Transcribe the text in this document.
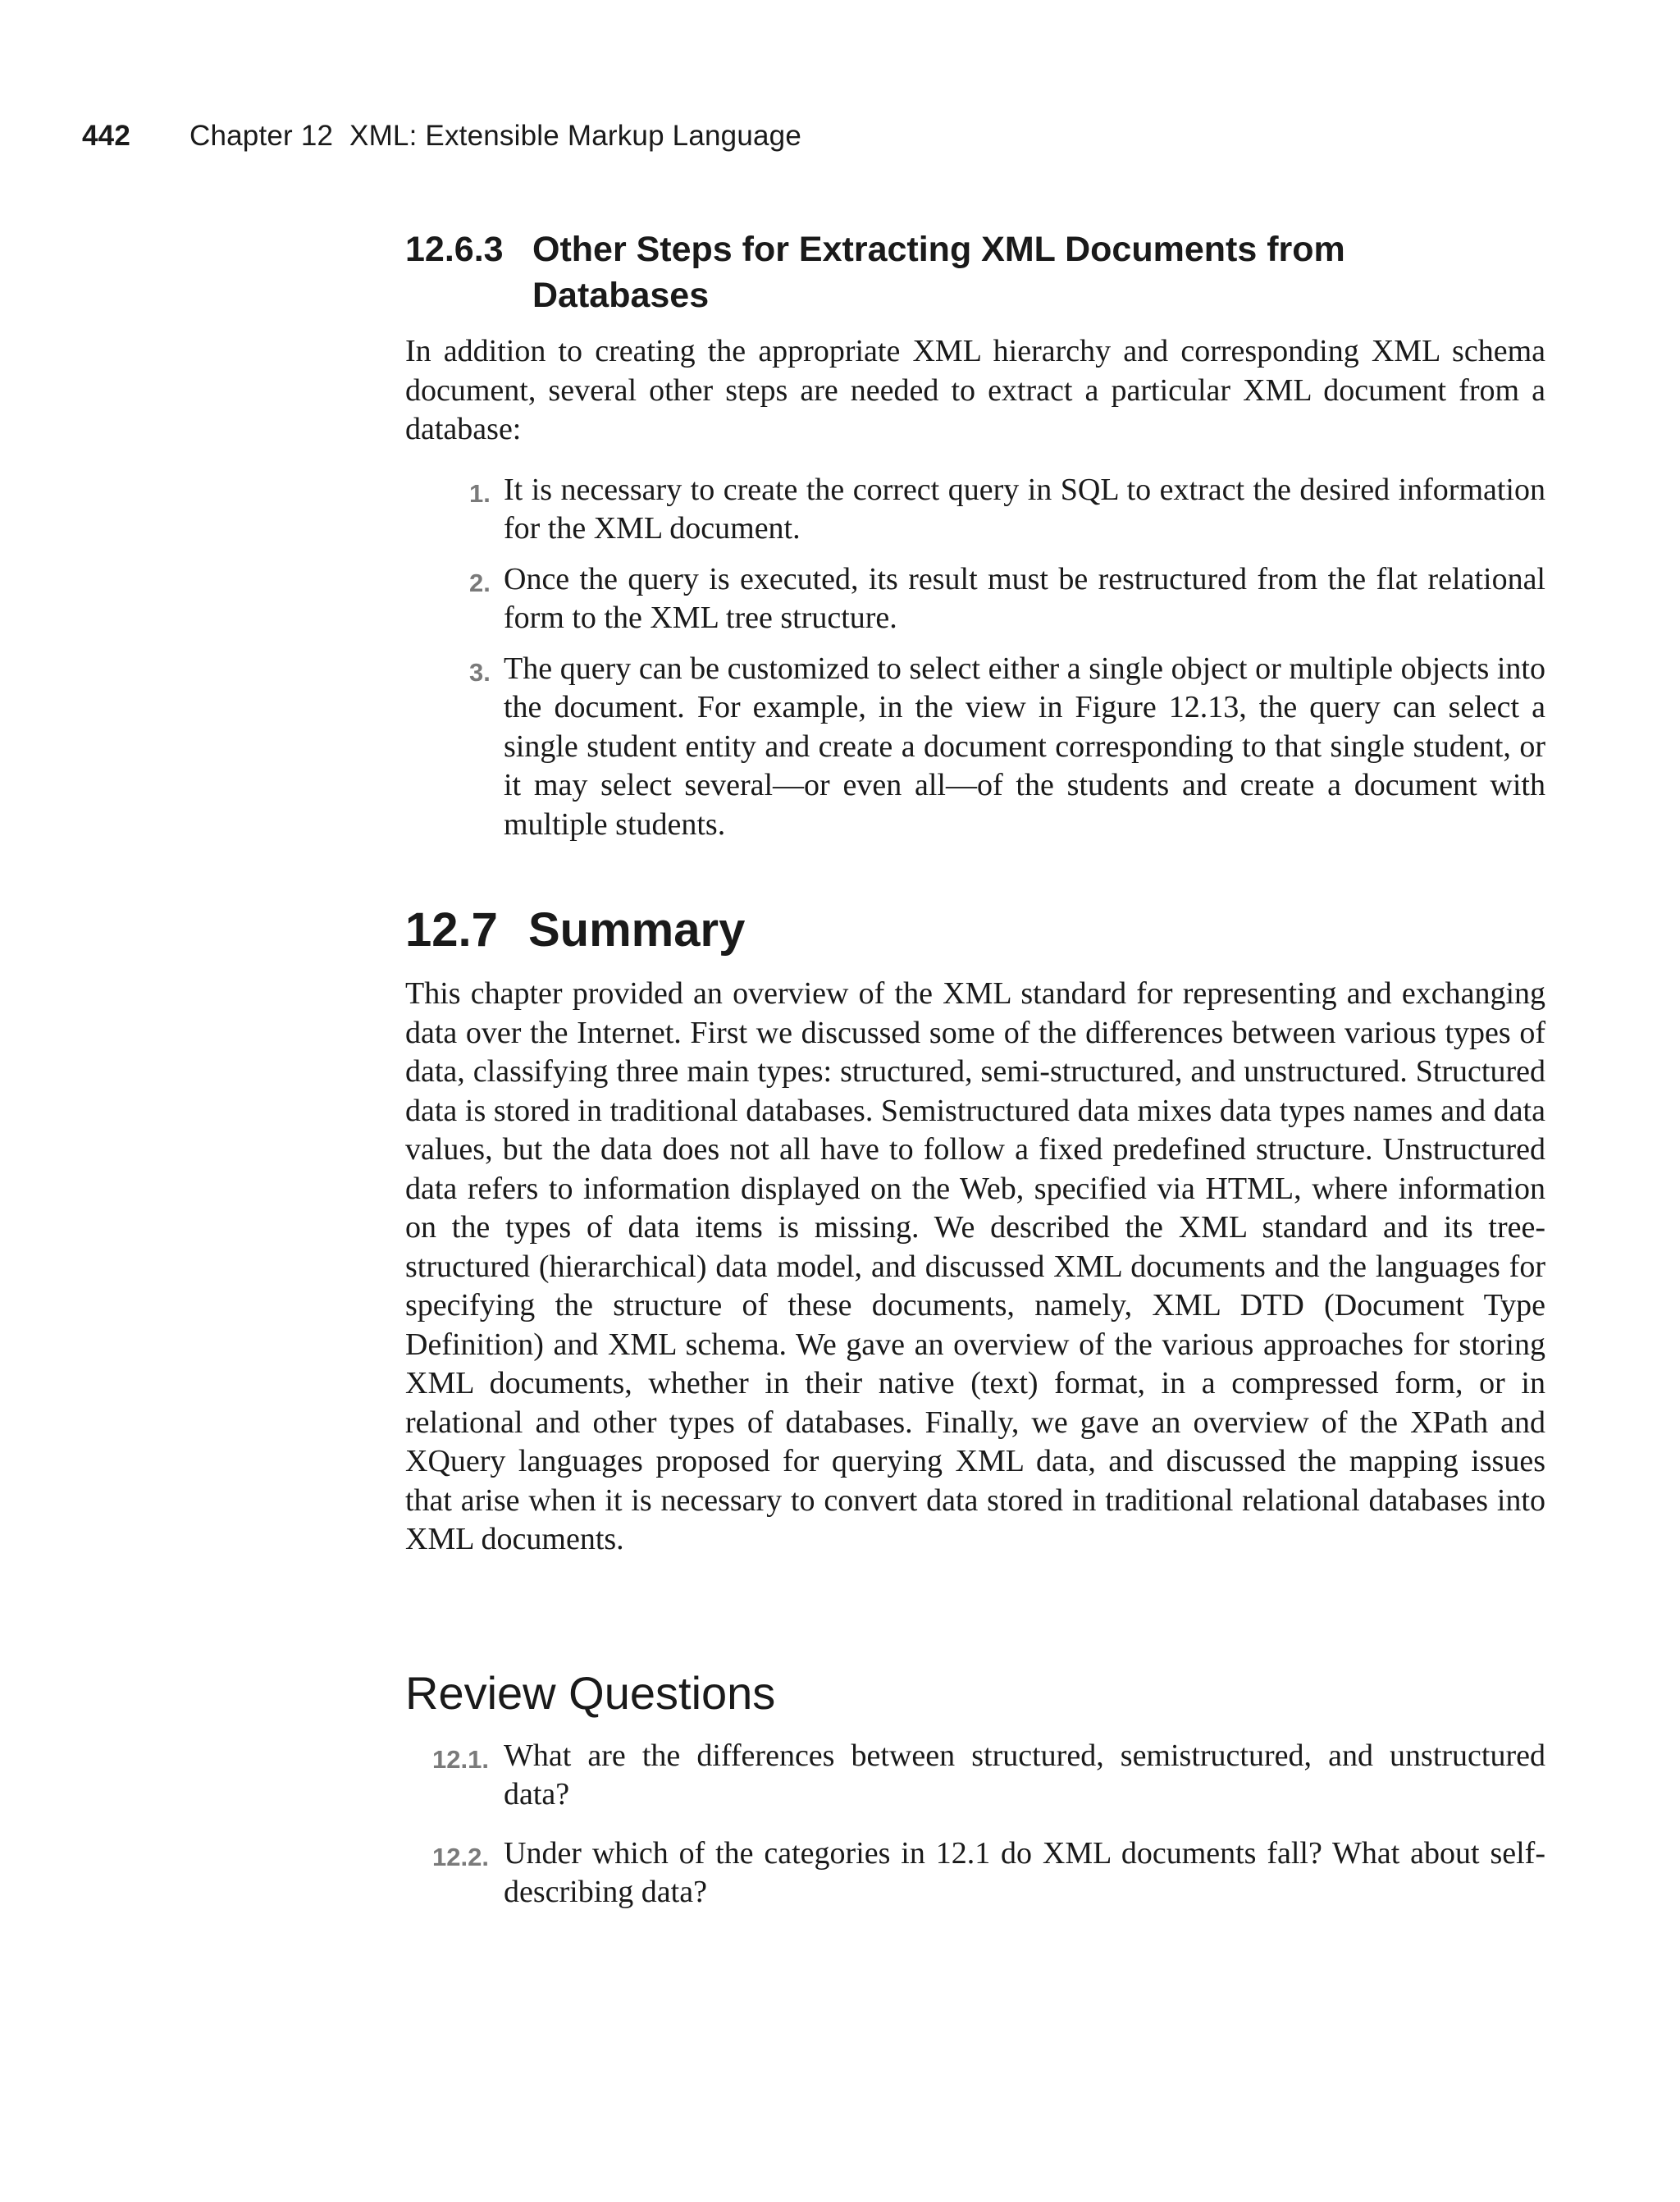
442 Chapter 12  XML: Extensible Markup Language
12.6.3 Other Steps for Extracting XML Documents from Databases

In addition to creating the appropriate XML hierarchy and corresponding XML schema document, several other steps are needed to extract a particular XML document from a database:

1. It is necessary to create the correct query in SQL to extract the desired information for the XML document.
2. Once the query is executed, its result must be restructured from the flat relational form to the XML tree structure.
3. The query can be customized to select either a single object or multiple objects into the document. For example, in the view in Figure 12.13, the query can select a single student entity and create a document corresponding to that single student, or it may select several—or even all—of the students and create a document with multiple students.
12.7 Summary

This chapter provided an overview of the XML standard for representing and exchanging data over the Internet. First we discussed some of the differences between various types of data, classifying three main types: structured, semi-structured, and unstructured. Structured data is stored in traditional databases. Semistructured data mixes data types names and data values, but the data does not all have to follow a fixed predefined structure. Unstructured data refers to information displayed on the Web, specified via HTML, where information on the types of data items is missing. We described the XML standard and its tree-structured (hierarchical) data model, and discussed XML documents and the languages for specifying the structure of these documents, namely, XML DTD (Document Type Definition) and XML schema. We gave an overview of the various approaches for storing XML documents, whether in their native (text) format, in a compressed form, or in relational and other types of databases. Finally, we gave an overview of the XPath and XQuery languages proposed for querying XML data, and discussed the mapping issues that arise when it is necessary to convert data stored in traditional relational databases into XML documents.

Review Questions
12.1. What are the differences between structured, semistructured, and unstructured data?
12.2. Under which of the categories in 12.1 do XML documents fall? What about self-describing data?
